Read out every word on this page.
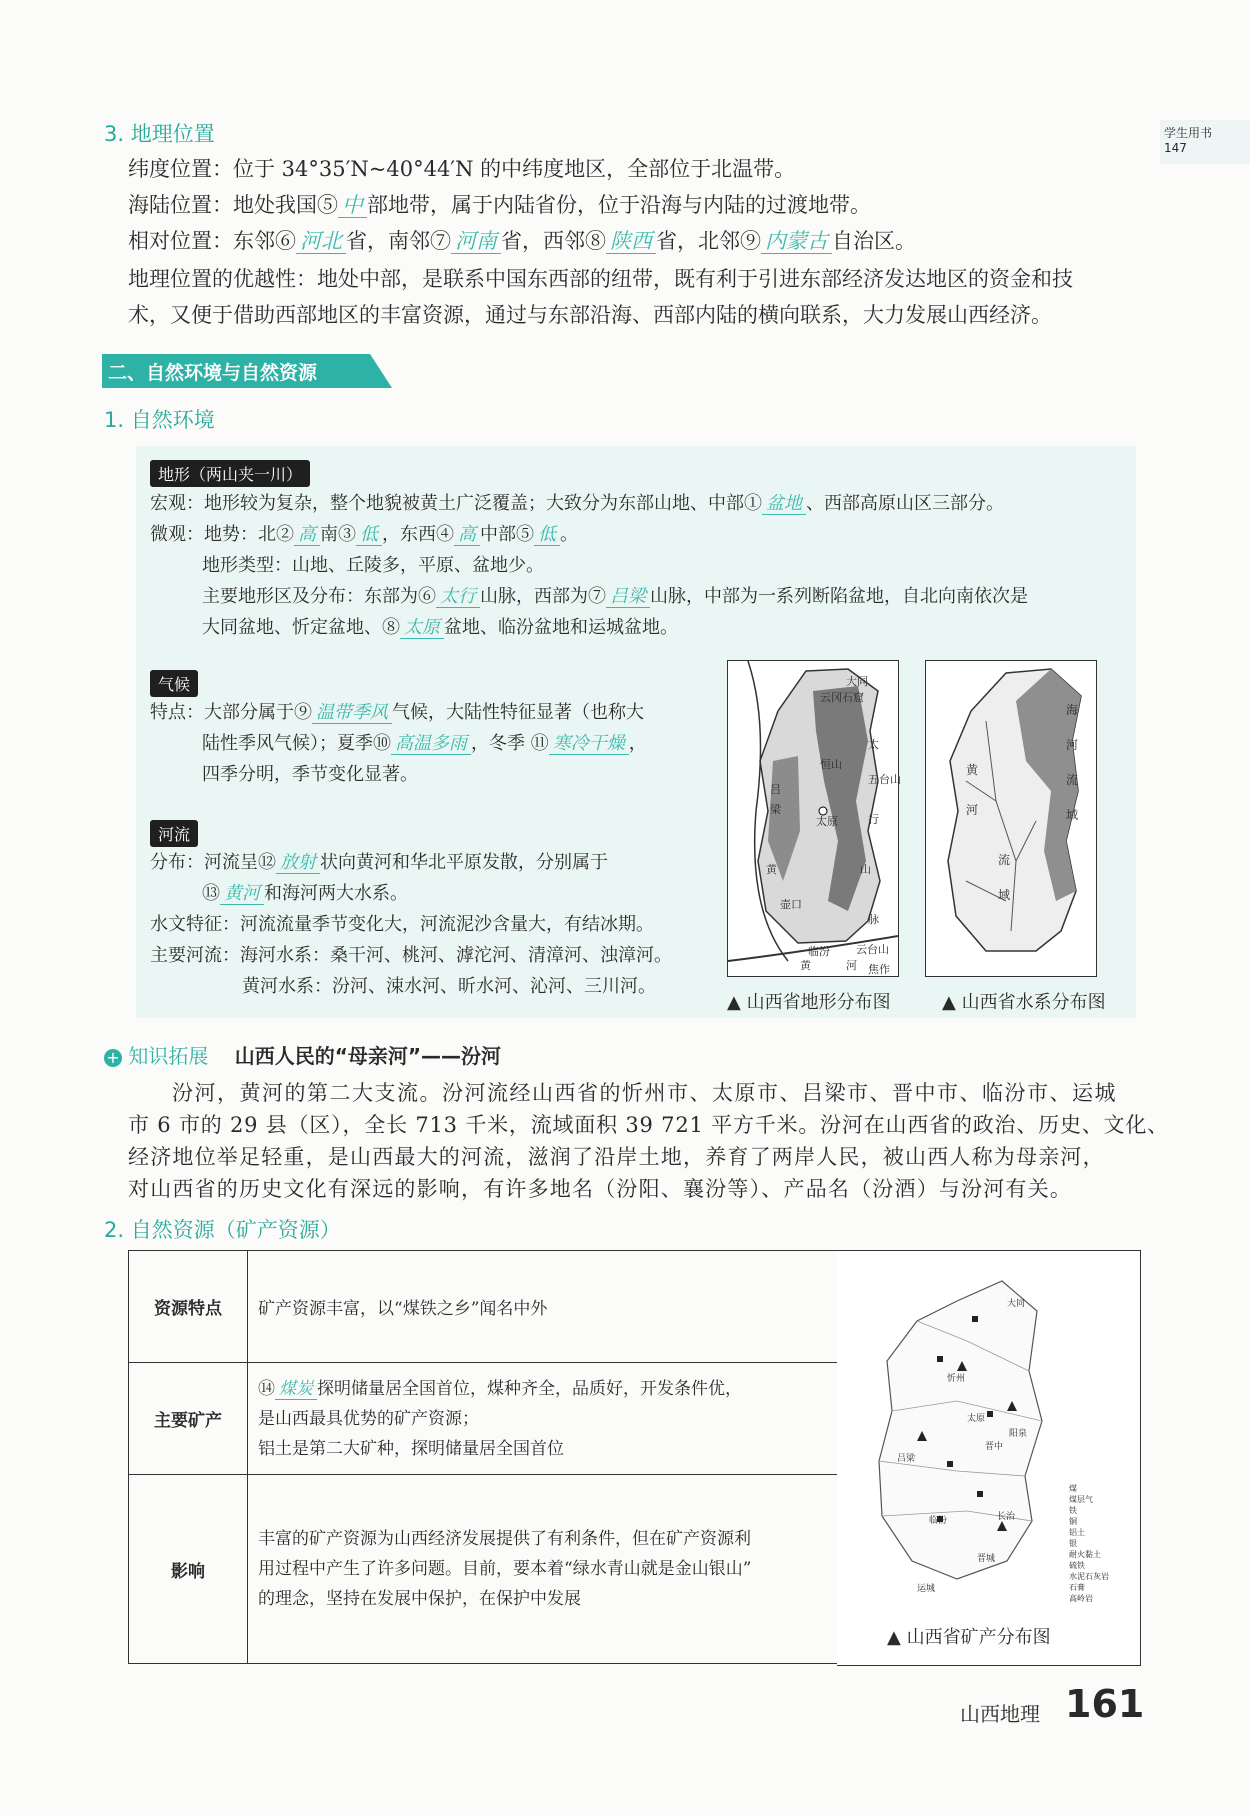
学生用书
147
3. 地理位置
纬度位置：位于 34°35′N~40°44′N 的中纬度地区，全部位于北温带。
海陆位置：地处我国⑤ 中 部地带，属于内陆省份，位于沿海与内陆的过渡地带。
相对位置：东邻⑥ 河北 省，南邻⑦ 河南 省，西邻⑧ 陕西 省，北邻⑨ 内蒙古 自治区。
地理位置的优越性：地处中部，是联系中国东西部的纽带，既有利于引进东部经济发达地区的资金和技
术，又便于借助西部地区的丰富资源，通过与东部沿海、西部内陆的横向联系，大力发展山西经济。
二、自然环境与自然资源
1. 自然环境
地形（两山夹一川）
宏观：地形较为复杂，整个地貌被黄土广泛覆盖；大致分为东部山地、中部① 盆地 、西部高原山区三部分。
微观：地势：北② 高 南③ 低 ，东西④ 高 中部⑤ 低 。
地形类型：山地、丘陵多，平原、盆地少。
主要地形区及分布：东部为⑥ 太行 山脉，西部为⑦ 吕梁 山脉，中部为一系列断陷盆地，自北向南依次是
大同盆地、忻定盆地、⑧ 太原 盆地、临汾盆地和运城盆地。
气候
特点：大部分属于⑨ 温带季风 气候，大陆性特征显著（也称大
陆性季风气候）；夏季⑩ 高温多雨 ，冬季 ⑪ 寒冷干燥 ，
四季分明，季节变化显著。
河流
分布：河流呈⑫ 放射 状向黄河和华北平原发散，分别属于
⑬ 黄河 和海河两大水系。
水文特征：河流流量季节变化大，河流泥沙含量大，有结冰期。
主要河流：海河水系：桑干河、桃河、滹沱河、清漳河、浊漳河。
黄河水系：汾河、涑水河、昕水河、沁河、三川河。
大同
云冈石窟
恒山
五台山
吕
梁
太原	行
山
黄
壶口
脉
太
云台山
临汾
黄	河 焦作
▲ 山西省地形分布图
海
河
流
域
黄
河
流
域
▲ 山西省水系分布图
+ 知识拓展 山西人民的“母亲河”——汾河
汾河，黄河的第二大支流。汾河流经山西省的忻州市、太原市、吕梁市、晋中市、临汾市、运城
市 6 市的 29 县（区），全长 713 千米，流域面积 39 721 平方千米。汾河在山西省的政治、历史、文化、
经济地位举足轻重，是山西最大的河流，滋润了沿岸土地，养育了两岸人民，被山西人称为母亲河，
对山西省的历史文化有深远的影响，有许多地名（汾阳、襄汾等）、产品名（汾酒）与汾河有关。
2. 自然资源（矿产资源）
资源特点	矿产资源丰富，以“煤铁之乡”闻名中外
主要矿产	⑭ 煤炭 探明储量居全国首位，煤种齐全，品质好，开发条件优，
是山西最具优势的矿产资源；
铝土是第二大矿种，探明储量居全国首位

影响	丰富的矿产资源为山西经济发展提供了有利条件，但在矿产资源利
用过程中产生了许多问题。目前，要本着“绿水青山就是金山银山”
的理念，坚持在发展中保护，在保护中发展
煤
煤层气
铁
铜
铝土
银
耐火黏土
硫铁
水泥石灰岩
石膏
高岭岩
▲ 山西省矿产分布图
大同
忻州
太原
阳泉
吕梁
晋中
长治
临汾
晋城
运城
山西地理 161
